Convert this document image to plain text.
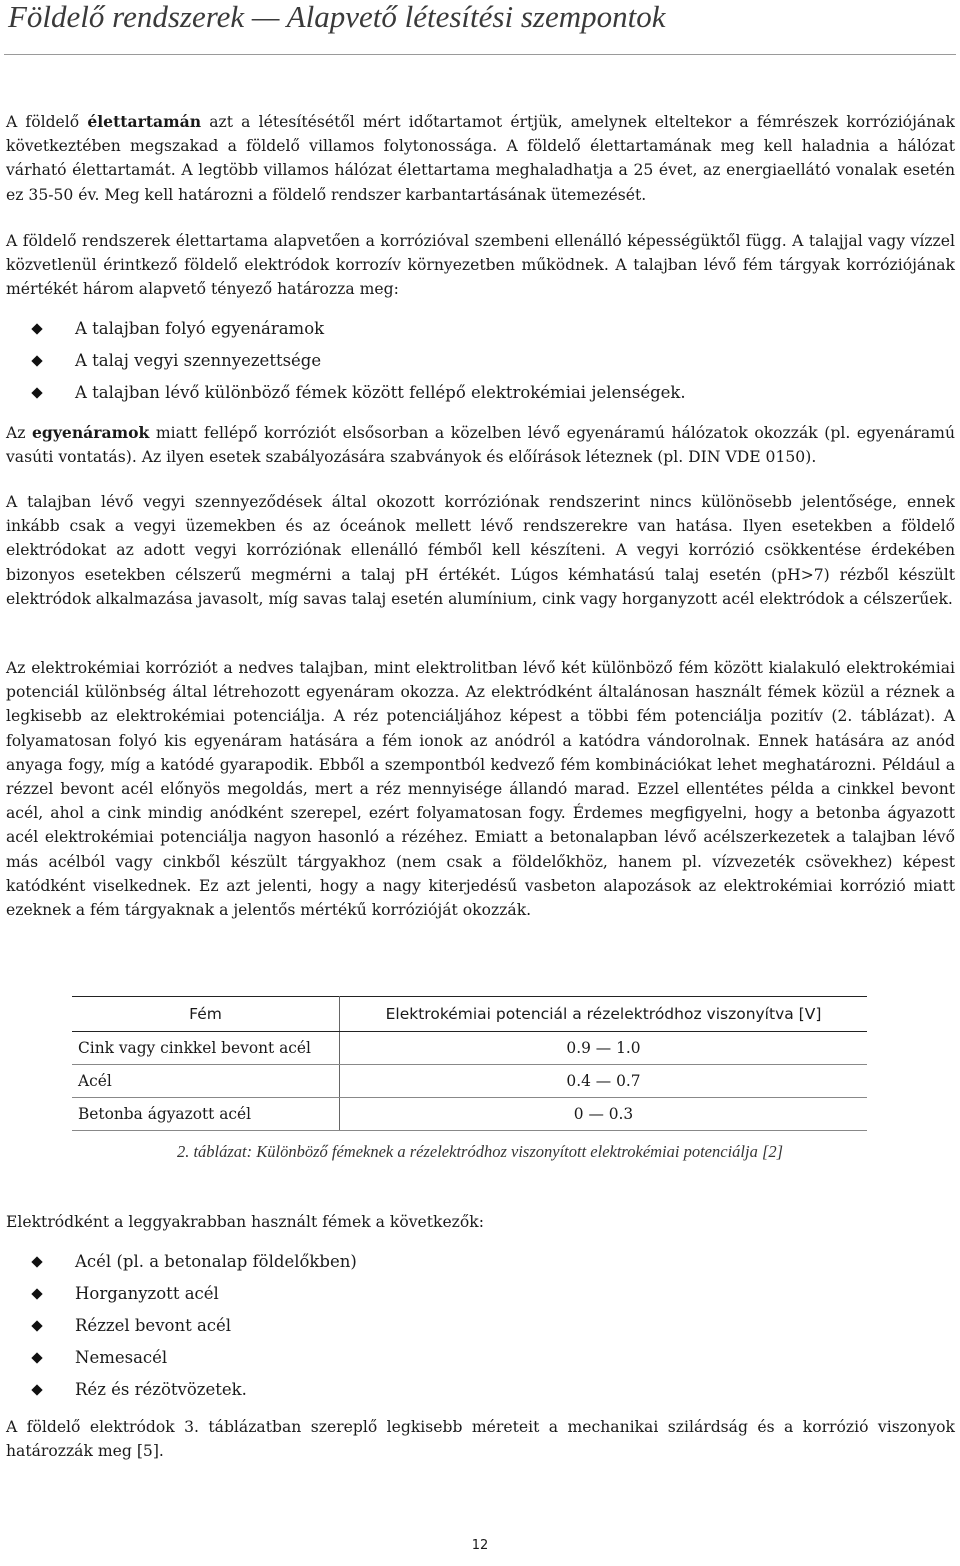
Földelő rendszerek — Alapvető létesítési szempontok

A földelő élettartamán azt a létesítésétől mért időtartamot értjük, amelynek elteltekor a fémrészek korróziójának következtében megszakad a földelő villamos folytonossága. A földelő élettartamának meg kell haladnia a hálózat várható élettartamát. A legtöbb villamos hálózat élettartama meghaladhatja a 25 évet, az energiaellátó vonalak esetén ez 35-50 év. Meg kell határozni a földelő rendszer karbantartásának ütemezését.

A földelő rendszerek élettartama alapvetően a korrózióval szembeni ellenálló képességüktől függ. A talajjal vagy vízzel közvetlenül érintkező földelő elektródok korrozív környezetben működnek. A talajban lévő fém tárgyak korróziójának mértékét három alapvető tényező határozza meg:

A talajban folyó egyenáramok
A talaj vegyi szennyezettsége
A talajban lévő különböző fémek között fellépő elektrokémiai jelenségek.

Az egyenáramok miatt fellépő korróziót elsősorban a közelben lévő egyenáramú hálózatok okozzák (pl. egyenáramú vasúti vontatás). Az ilyen esetek szabályozására szabványok és előírások léteznek (pl. DIN VDE 0150).

A talajban lévő vegyi szennyeződések által okozott korróziónak rendszerint nincs különösebb jelentősége, ennek inkább csak a vegyi üzemekben és az óceánok mellett lévő rendszerekre van hatása. Ilyen esetekben a földelő elektródokat az adott vegyi korróziónak ellenálló fémből kell készíteni. A vegyi korrózió csökkentése érdekében bizonyos esetekben célszerű megmérni a talaj pH értékét. Lúgos kémhatású talaj esetén (pH>7) rézből készült elektródok alkalmazása javasolt, míg savas talaj esetén alumínium, cink vagy horganyzott acél elektródok a célszerűek.

Az elektrokémiai korróziót a nedves talajban, mint elektrolitban lévő két különböző fém között kialakuló elektrokémiai potenciál különbség által létrehozott egyenáram okozza. Az elektródként általánosan használt fémek közül a réznek a legkisebb az elektrokémiai potenciálja. A réz potenciáljához képest a többi fém potenciálja pozitív (2. táblázat). A folyamatosan folyó kis egyenáram hatására a fém ionok az anódról a katódra vándorolnak. Ennek hatására az anód anyaga fogy, míg a katódé gyarapodik. Ebből a szempontból kedvező fém kombinációkat lehet meghatározni. Például a rézzel bevont acél előnyös megoldás, mert a réz mennyisége állandó marad. Ezzel ellentétes példa a cinkkel bevont acél, ahol a cink mindig anódként szerepel, ezért folyamatosan fogy. Érdemes megfigyelni, hogy a betonba ágyazott acél elektrokémiai potenciálja nagyon hasonló a rézéhez. Emiatt a betonalapban lévő acélszerkezetek a talajban lévő más acélból vagy cinkből készült tárgyakhoz (nem csak a földelőkhöz, hanem pl. vízvezeték csövekhez) képest katódként viselkednek. Ez azt jelenti, hogy a nagy kiterjedésű vasbeton alapozások az elektrokémiai korrózió miatt ezeknek a fém tárgyaknak a jelentős mértékű korrózióját okozzák.

Fém	Elektrokémiai potenciál a rézelektródhoz viszonyítva [V]
Cink vagy cinkkel bevont acél	0.9 — 1.0
Acél	0.4 — 0.7
Betonba ágyazott acél	0 — 0.3
2. táblázat: Különböző fémeknek a rézelektródhoz viszonyított elektrokémiai potenciálja [2]

Elektródként a leggyakrabban használt fémek a következők:

Acél (pl. a betonalap földelőkben)
Horganyzott acél
Rézzel bevont acél
Nemesacél
Réz és rézötvözetek.

A földelő elektródok 3. táblázatban szereplő legkisebb méreteit a mechanikai szilárdság és a korrózió viszonyok határozzák meg [5].

12
